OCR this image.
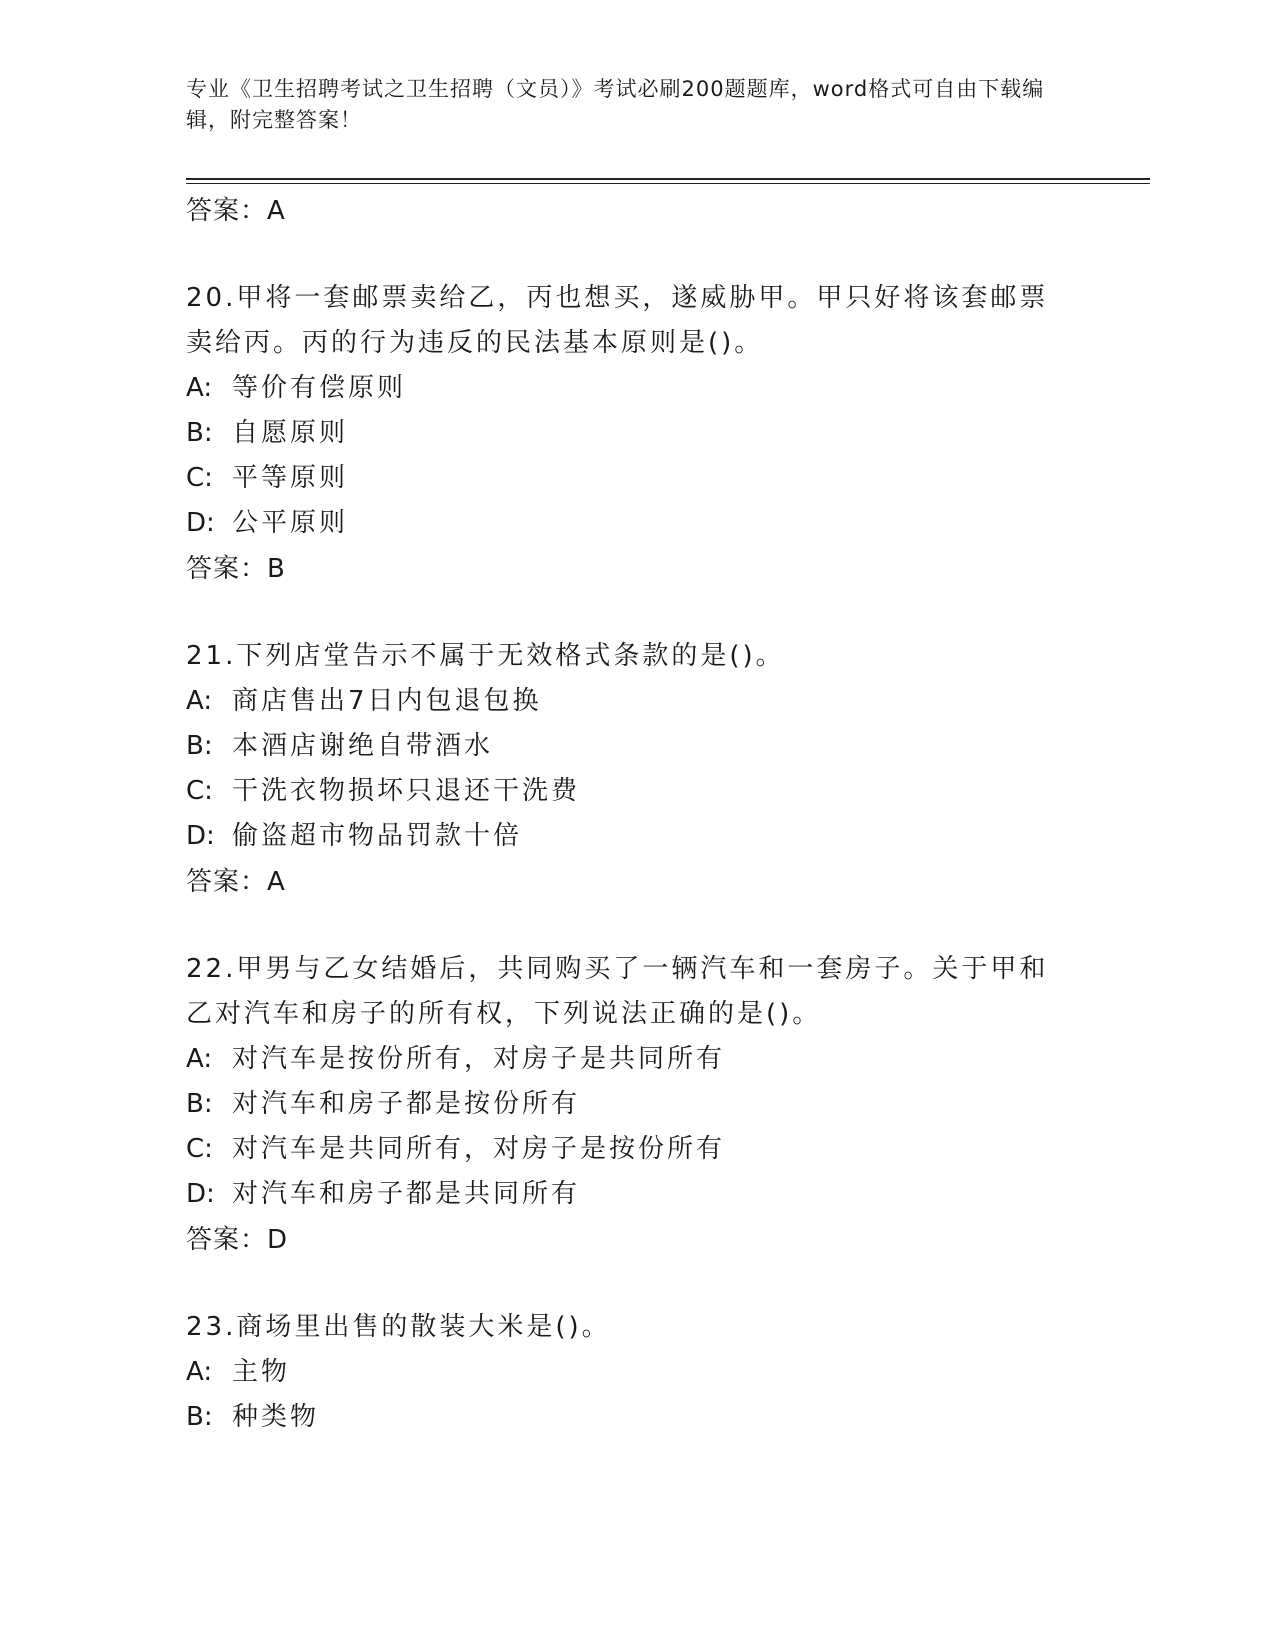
专业《卫生招聘考试之卫生招聘（文员）》考试必刷200题题库，word格式可自由下载编辑，附完整答案！
答案：A
20.甲将一套邮票卖给乙，丙也想买，遂威胁甲。甲只好将该套邮票卖给丙。丙的行为违反的民法基本原则是()。
A: 等价有偿原则
B: 自愿原则
C: 平等原则
D: 公平原则
答案：B
21.下列店堂告示不属于无效格式条款的是()。
A: 商店售出7日内包退包换
B: 本酒店谢绝自带酒水
C: 干洗衣物损坏只退还干洗费
D: 偷盗超市物品罚款十倍
答案：A
22.甲男与乙女结婚后，共同购买了一辆汽车和一套房子。关于甲和乙对汽车和房子的所有权，下列说法正确的是()。
A: 对汽车是按份所有，对房子是共同所有
B: 对汽车和房子都是按份所有
C: 对汽车是共同所有，对房子是按份所有
D: 对汽车和房子都是共同所有
答案：D
23.商场里出售的散装大米是()。
A: 主物
B: 种类物
